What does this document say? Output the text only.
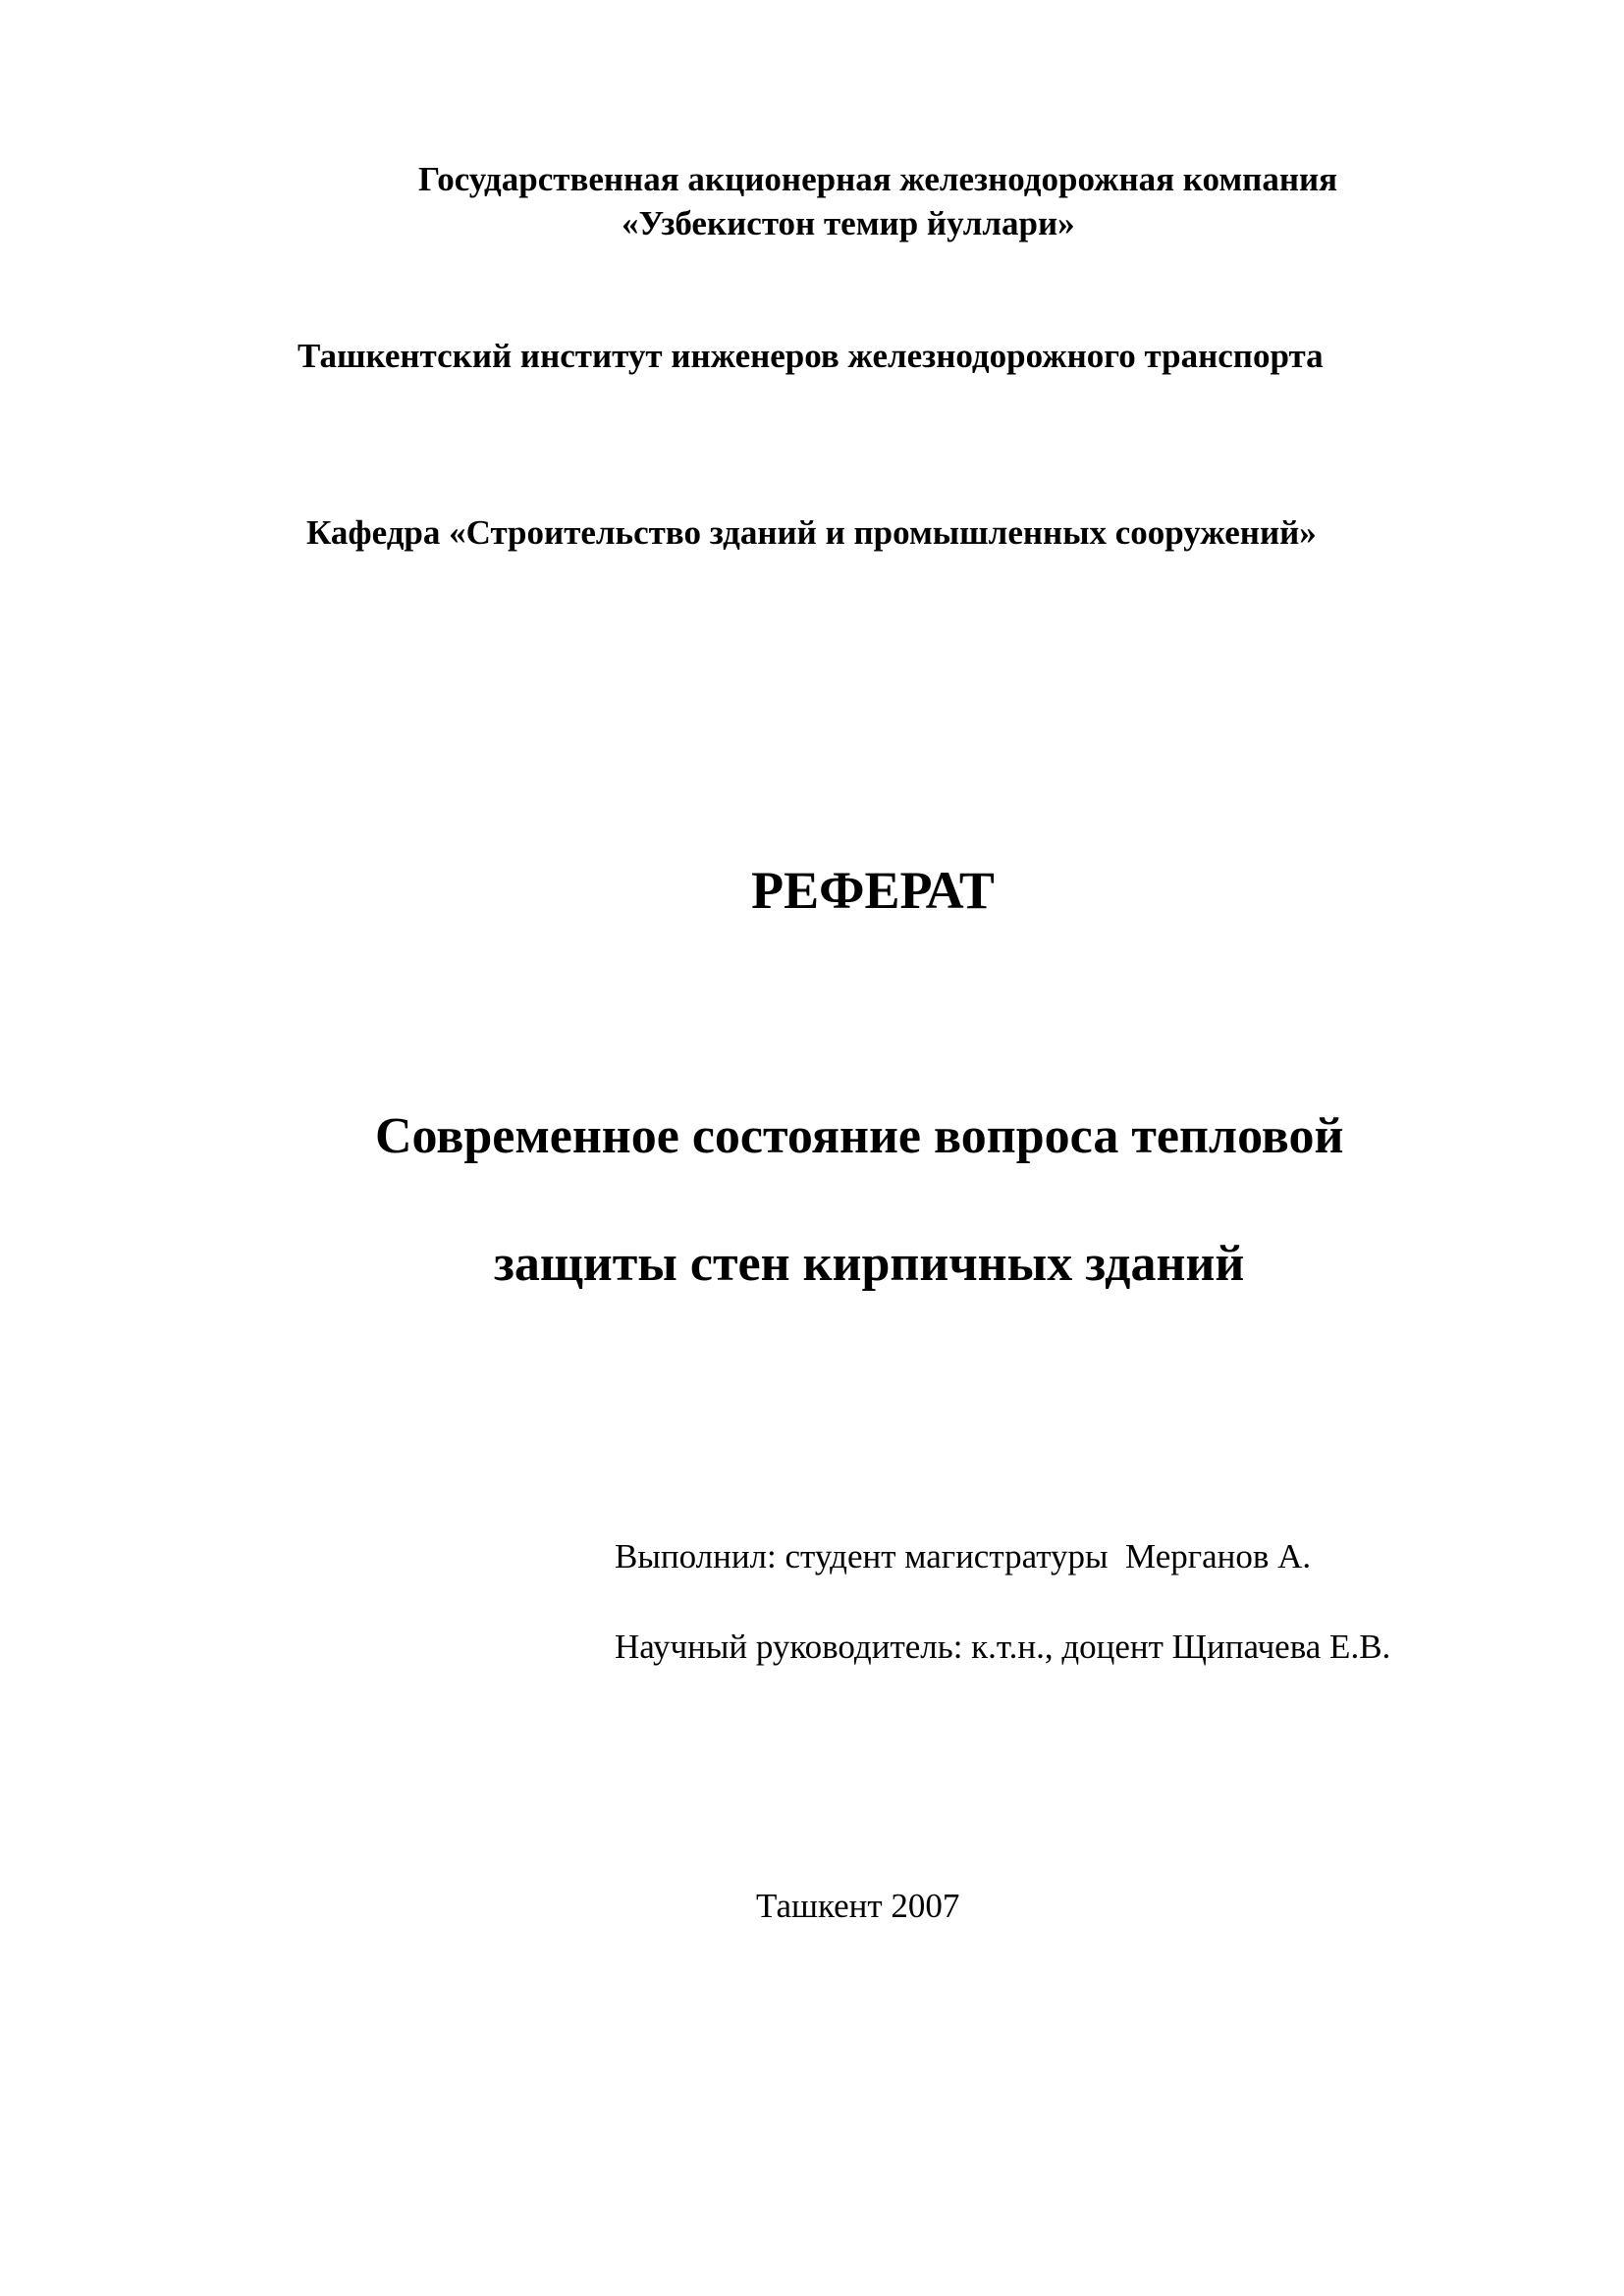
Государственная акционерная железнодорожная компания
«Узбекистон темир йуллари»
Ташкентский институт инженеров железнодорожного транспорта
Кафедра «Строительство зданий и промышленных сооружений»
РЕФЕРАТ
Современное состояние вопроса тепловой
защиты стен кирпичных зданий
Выполнил: студент магистратуры  Мерганов А.
Научный руководитель: к.т.н., доцент Щипачева Е.В.
Ташкент 2007
